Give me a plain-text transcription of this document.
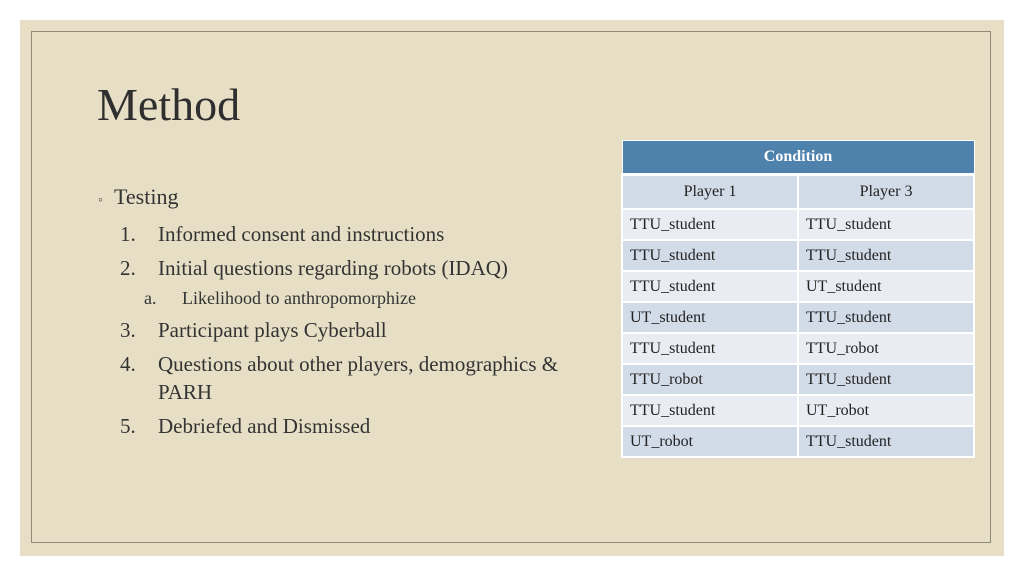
Method
◦ Testing
1.	Informed consent and instructions
2.	Initial questions regarding robots (IDAQ)
a.	Likelihood to anthropomorphize
3.	Participant plays Cyberball
4.	Questions about other players, demographics & PARH
5.	Debriefed and Dismissed
Condition	
Player 1	Player 3
TTU_student	TTU_student
TTU_student	TTU_student
TTU_student	UT_student
UT_student	TTU_student
TTU_student	TTU_robot
TTU_robot	TTU_student
TTU_student	UT_robot
UT_robot	TTU_student
